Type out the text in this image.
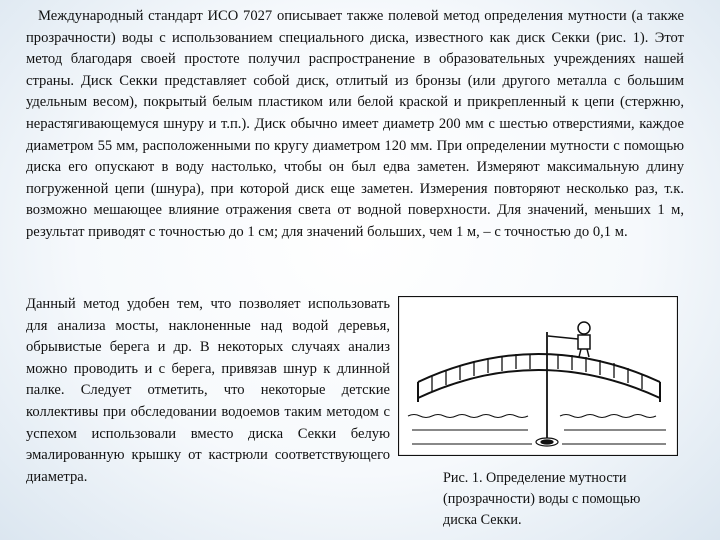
Международный стандарт ИСО 7027 описывает также полевой метод определения мутности (а также прозрачности) воды с использованием специального диска, известного как диск Секки (рис. 1). Этот метод благодаря своей простоте получил распространение в образовательных учреждениях нашей страны. Диск Секки представляет собой диск, отлитый из бронзы (или другого металла с большим удельным весом), покрытый белым пластиком или белой краской и прикрепленный к цепи (стержню, нерастягивающемуся шнуру и т.п.). Диск обычно имеет диаметр 200 мм с шестью отверстиями, каждое диаметром 55 мм, расположенными по кругу диаметром 120 мм. При определении мутности с помощью диска его опускают в воду настолько, чтобы он был едва заметен. Измеряют максимальную длину погруженной цепи (шнура), при которой диск еще заметен. Измерения повторяют несколько раз, т.к. возможно мешающее влияние отражения света от водной поверхности. Для значений, меньших 1 м, результат приводят с точностью до 1 см; для значений больших, чем 1 м, – с точностью до 0,1 м.

Данный метод удобен тем, что позволяет использовать для анализа мосты, наклоненные над водой деревья, обрывистые берега и др. В некоторых случаях анализ можно проводить и с берега, привязав шнур к длинной палке. Следует отметить, что некоторые детские коллективы при обследовании водоемов таким методом с успехом использовали вместо диска Секки белую эмалированную крышку от кастрюли соответствующего диаметра.	Рис. 1. Определение мутности
(прозрачности) воды с помощью
диска Секки.
